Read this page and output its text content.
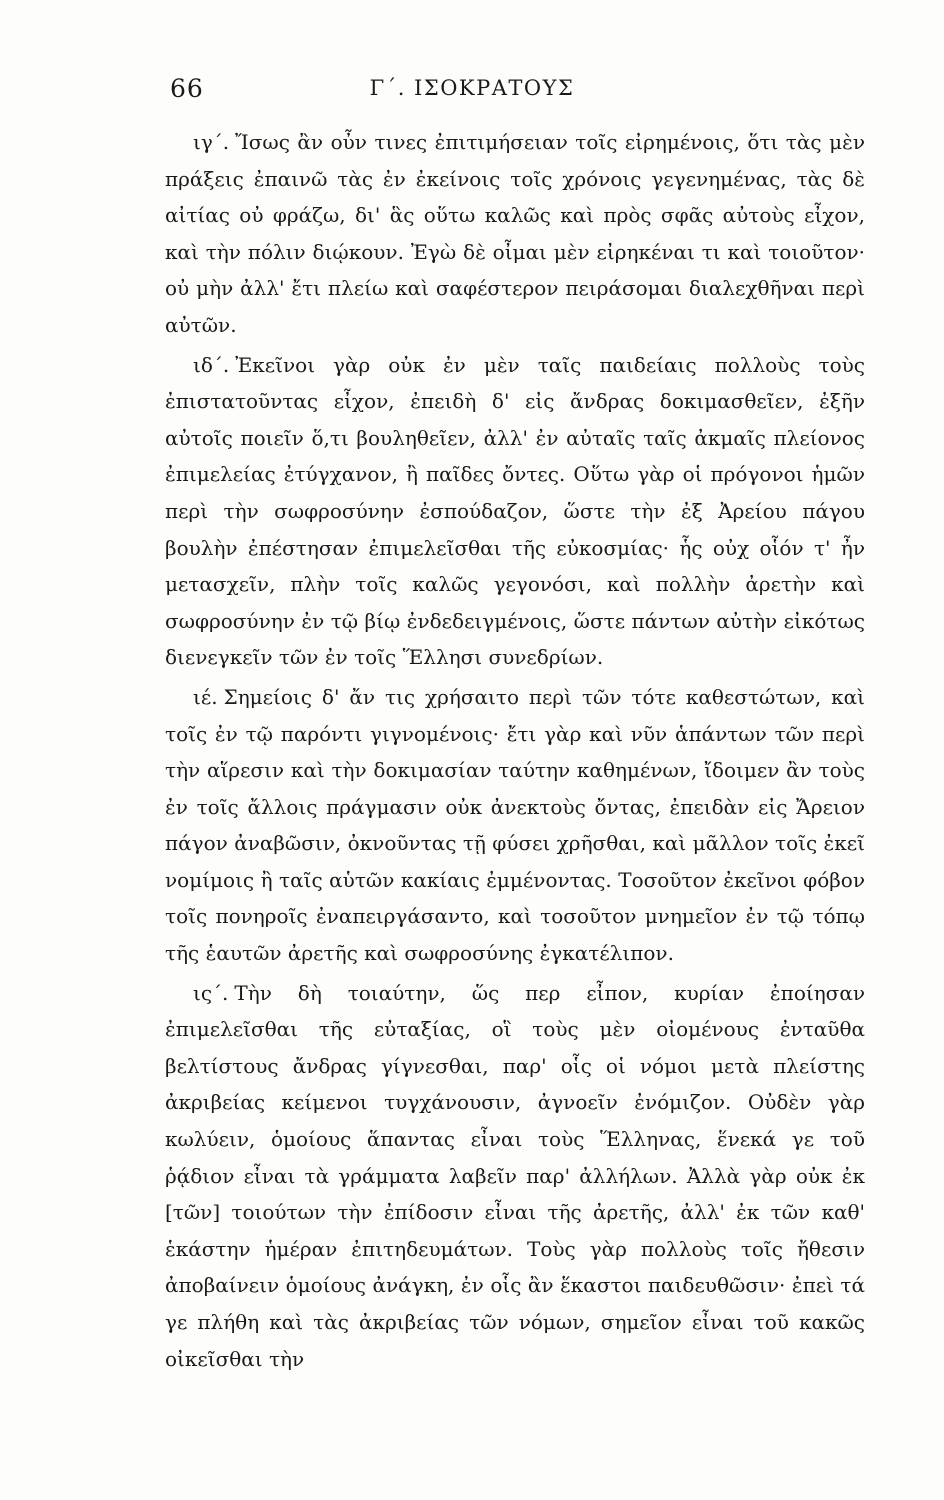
66	Γ΄. ΙΣΟΚΡΑΤΟΥΣ

ιγ΄. Ἴσως ἂν οὖν τινες ἐπιτιμήσειαν τοῖς εἰρημένοις, ὅτι τὰς μὲν πράξεις ἐπαινῶ τὰς ἐν ἐκείνοις τοῖς χρόνοις γεγενημένας, τὰς δὲ αἰτίας οὐ φράζω, δι' ἃς οὕτω καλῶς καὶ πρὸς σφᾶς αὐτοὺς εἶχον, καὶ τὴν πόλιν διῴκουν. Ἐγὼ δὲ οἶμαι μὲν εἰρηκέναι τι καὶ τοιοῦτον· οὐ μὴν ἀλλ' ἔτι πλείω καὶ σαφέστερον πειράσομαι διαλεχθῆναι περὶ αὐτῶν.

ιδ΄. Ἐκεῖνοι γὰρ οὐκ ἐν μὲν ταῖς παιδείαις πολλοὺς τοὺς ἐπιστατοῦντας εἶχον, ἐπειδὴ δ' εἰς ἄνδρας δοκιμασθεῖεν, ἐξῆν αὐτοῖς ποιεῖν ὅ,τι βουληθεῖεν, ἀλλ' ἐν αὐταῖς ταῖς ἀκμαῖς πλείονος ἐπιμελείας ἐτύγχανον, ἢ παῖδες ὄντες. Οὕτω γὰρ οἱ πρόγονοι ἡμῶν περὶ τὴν σωφροσύνην ἐσπούδαζον, ὥστε τὴν ἐξ Ἀρείου πάγου βουλὴν ἐπέστησαν ἐπιμελεῖσθαι τῆς εὐκοσμίας· ἧς οὐχ οἷόν τ' ἦν μετασχεῖν, πλὴν τοῖς καλῶς γεγονόσι, καὶ πολλὴν ἀρετὴν καὶ σωφροσύνην ἐν τῷ βίῳ ἐνδεδειγμένοις, ὥστε πάντων αὐτὴν εἰκότως διενεγκεῖν τῶν ἐν τοῖς Ἕλλησι συνεδρίων.

ιέ. Σημείοις δ' ἄν τις χρήσαιτο περὶ τῶν τότε καθεστώτων, καὶ τοῖς ἐν τῷ παρόντι γιγνομένοις· ἔτι γὰρ καὶ νῦν ἁπάντων τῶν περὶ τὴν αἵρεσιν καὶ τὴν δοκιμασίαν ταύτην καθημένων, ἴδοιμεν ἂν τοὺς ἐν τοῖς ἄλλοις πράγμασιν οὐκ ἀνεκτοὺς ὄντας, ἐπειδὰν εἰς Ἄρειον πάγον ἀναβῶσιν, ὀκνοῦντας τῇ φύσει χρῆσθαι, καὶ μᾶλλον τοῖς ἐκεῖ νομίμοις ἢ ταῖς αὑτῶν κακίαις ἐμμένοντας. Τοσοῦτον ἐκεῖνοι φόβον τοῖς πονηροῖς ἐναπειργάσαντο, καὶ τοσοῦτον μνημεῖον ἐν τῷ τόπῳ τῆς ἑαυτῶν ἀρετῆς καὶ σωφροσύνης ἐγκατέλιπον.

ις΄. Τὴν δὴ τοιαύτην, ὥς περ εἶπον, κυρίαν ἐποίησαν ἐπιμελεῖσθαι τῆς εὐταξίας, οἳ τοὺς μὲν οἰομένους ἐνταῦθα βελτίστους ἄνδρας γίγνεσθαι, παρ' οἷς οἱ νόμοι μετὰ πλείστης ἀκριβείας κείμενοι τυγχάνουσιν, ἀγνοεῖν ἐνόμιζον. Οὐδὲν γὰρ κωλύειν, ὁμοίους ἅπαντας εἶναι τοὺς Ἕλληνας, ἕνεκά γε τοῦ ῥᾴδιον εἶναι τὰ γράμματα λαβεῖν παρ' ἀλλήλων. Ἀλλὰ γὰρ οὐκ ἐκ [τῶν] τοιούτων τὴν ἐπίδοσιν εἶναι τῆς ἀρετῆς, ἀλλ' ἐκ τῶν καθ' ἑκάστην ἡμέραν ἐπιτηδευμάτων. Τοὺς γὰρ πολλοὺς τοῖς ἤθεσιν ἀποβαίνειν ὁμοίους ἀνάγκη, ἐν οἷς ἂν ἕκαστοι παιδευθῶσιν· ἐπεὶ τά γε πλήθη καὶ τὰς ἀκριβείας τῶν νόμων, σημεῖον εἶναι τοῦ κακῶς οἰκεῖσθαι τὴν
